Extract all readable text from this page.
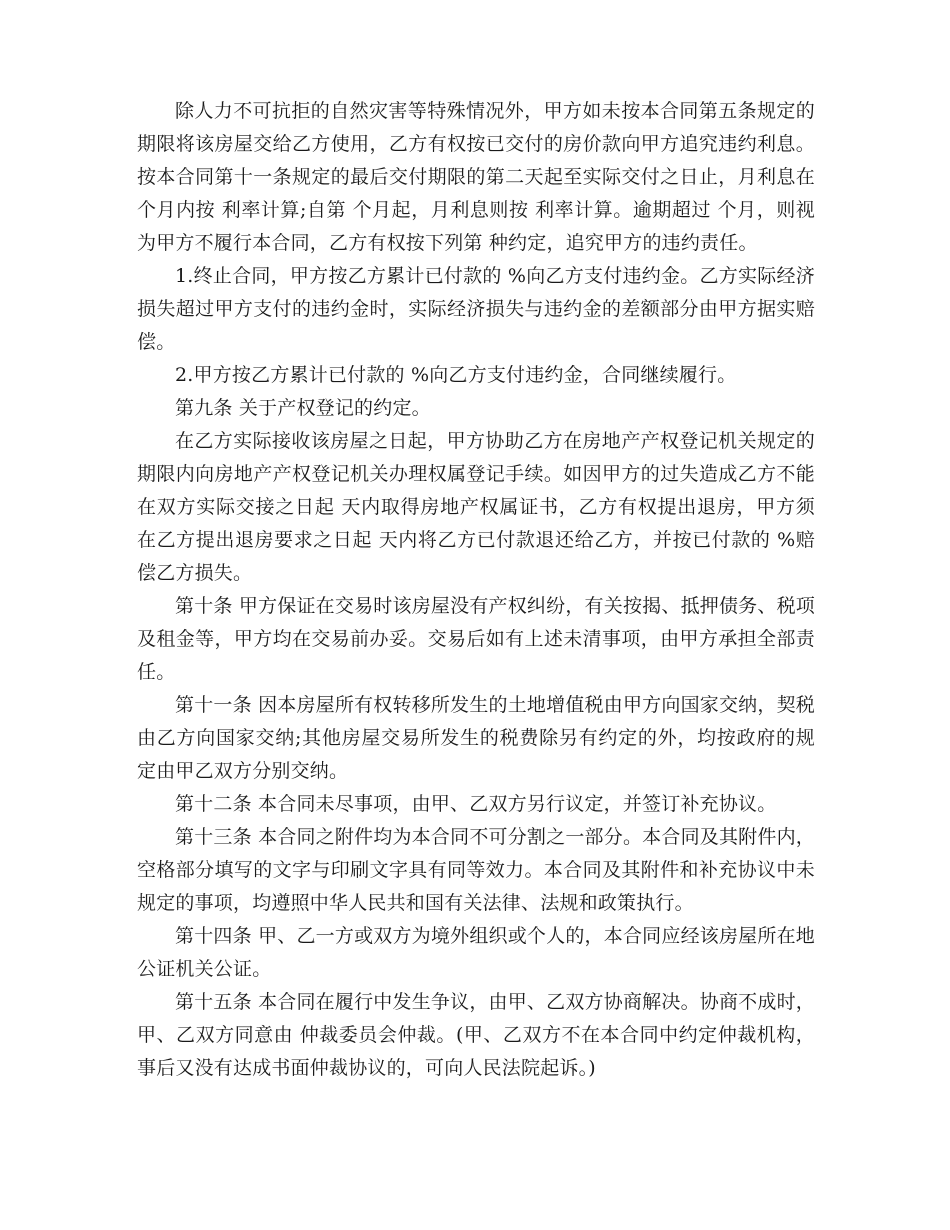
除人力不可抗拒的自然灾害等特殊情况外，甲方如未按本合同第五条规定的期限将该房屋交给乙方使用，乙方有权按已交付的房价款向甲方追究违约利息。按本合同第十一条规定的最后交付期限的第二天起至实际交付之日止，月利息在 个月内按 利率计算;自第 个月起，月利息则按 利率计算。逾期超过 个月，则视为甲方不履行本合同，乙方有权按下列第 种约定，追究甲方的违约责任。

1.终止合同，甲方按乙方累计已付款的 %向乙方支付违约金。乙方实际经济损失超过甲方支付的违约金时，实际经济损失与违约金的差额部分由甲方据实赔偿。

2.甲方按乙方累计已付款的 %向乙方支付违约金，合同继续履行。

第九条 关于产权登记的约定。

在乙方实际接收该房屋之日起，甲方协助乙方在房地产产权登记机关规定的期限内向房地产产权登记机关办理权属登记手续。如因甲方的过失造成乙方不能在双方实际交接之日起 天内取得房地产权属证书，乙方有权提出退房，甲方须在乙方提出退房要求之日起 天内将乙方已付款退还给乙方，并按已付款的 %赔偿乙方损失。

第十条 甲方保证在交易时该房屋没有产权纠纷，有关按揭、抵押债务、税项及租金等，甲方均在交易前办妥。交易后如有上述未清事项，由甲方承担全部责任。

第十一条 因本房屋所有权转移所发生的土地增值税由甲方向国家交纳，契税由乙方向国家交纳;其他房屋交易所发生的税费除另有约定的外，均按政府的规定由甲乙双方分别交纳。

第十二条 本合同未尽事项，由甲、乙双方另行议定，并签订补充协议。

第十三条 本合同之附件均为本合同不可分割之一部分。本合同及其附件内，空格部分填写的文字与印刷文字具有同等效力。本合同及其附件和补充协议中未规定的事项，均遵照中华人民共和国有关法律、法规和政策执行。

第十四条 甲、乙一方或双方为境外组织或个人的，本合同应经该房屋所在地公证机关公证。

第十五条 本合同在履行中发生争议，由甲、乙双方协商解决。协商不成时，甲、乙双方同意由 仲裁委员会仲裁。(甲、乙双方不在本合同中约定仲裁机构，事后又没有达成书面仲裁协议的，可向人民法院起诉。)
